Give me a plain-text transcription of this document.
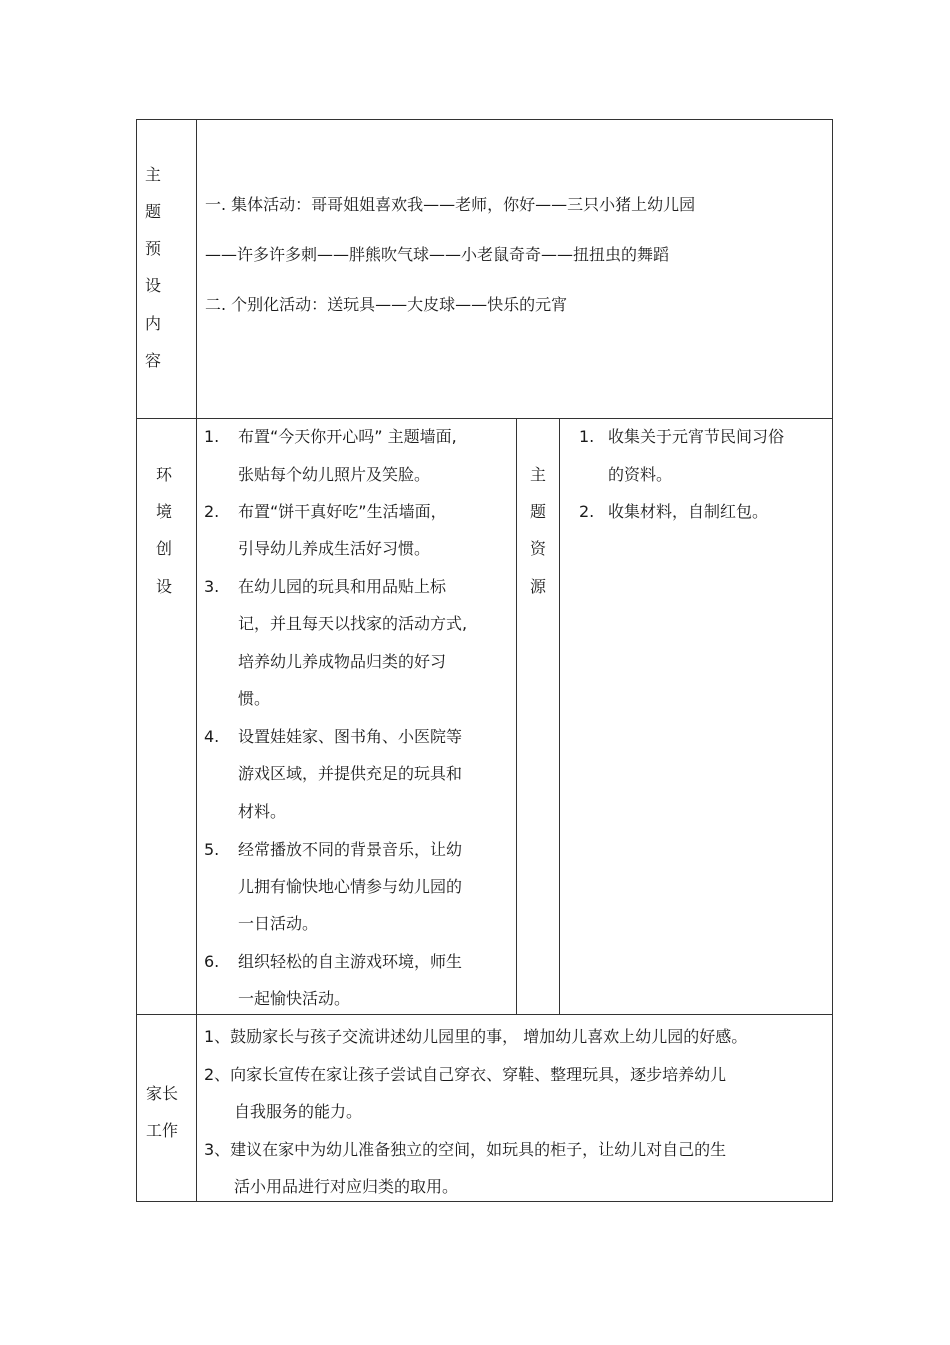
主
题
预
设
内
容
一. 集体活动：哥哥姐姐喜欢我——老师，你好——三只小猪上幼儿园
——许多许多刺——胖熊吹气球——小老鼠奇奇——扭扭虫的舞蹈
二. 个别化活动：送玩具——大皮球——快乐的元宵
环
境
创
设
1. 布置“今天你开心吗” 主题墙面,
张贴每个幼儿照片及笑脸。
2. 布置“饼干真好吃”生活墙面，
引导幼儿养成生活好习惯。
3. 在幼儿园的玩具和用品贴上标
记，并且每天以找家的活动方式,
培养幼儿养成物品归类的好习
惯。
4. 设置娃娃家、图书角、小医院等
游戏区域，并提供充足的玩具和
材料。
5. 经常播放不同的背景音乐，让幼
儿拥有愉快地心情参与幼儿园的
一日活动。
6. 组织轻松的自主游戏环境，师生
一起愉快活动。
主
题
资
源
1. 收集关于元宵节民间习俗
的资料。
2. 收集材料，自制红包。
家长
工作
1、鼓励家长与孩子交流讲述幼儿园里的事， 增加幼儿喜欢上幼儿园的好感。
2、向家长宣传在家让孩子尝试自己穿衣、穿鞋、整理玩具，逐步培养幼儿
自我服务的能力。
3、建议在家中为幼儿准备独立的空间，如玩具的柜子，让幼儿对自己的生
活小用品进行对应归类的取用。
